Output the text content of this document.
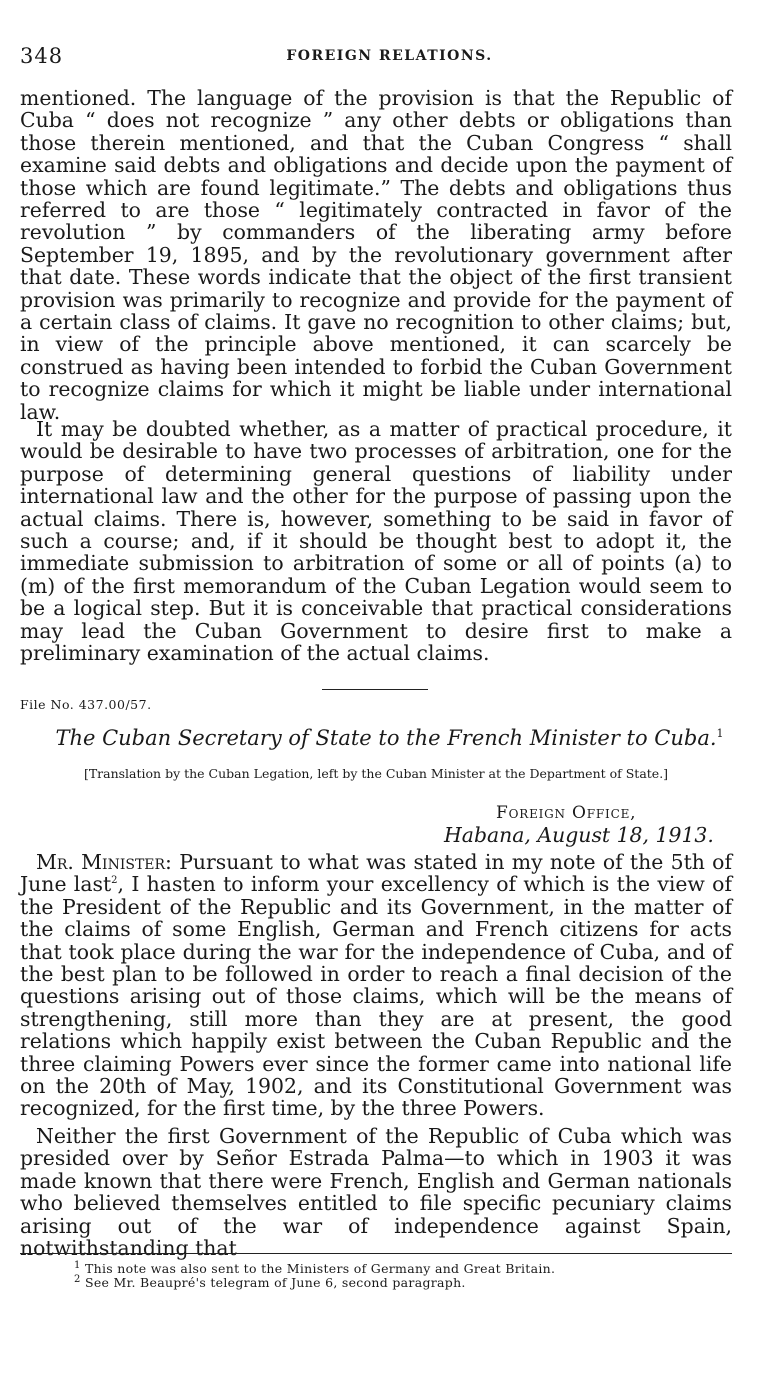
348	FOREIGN RELATIONS.

mentioned. The language of the provision is that the Republic of Cuba “ does not recognize ” any other debts or obligations than those therein mentioned, and that the Cuban Congress “ shall examine said debts and obligations and decide upon the payment of those which are found legitimate.” The debts and obligations thus referred to are those “ legitimately contracted in favor of the revolution ” by commanders of the liberating army before September 19, 1895, and by the revolutionary government after that date. These words indicate that the object of the first transient provision was primarily to recognize and provide for the payment of a certain class of claims. It gave no recognition to other claims; but, in view of the principle above mentioned, it can scarcely be construed as having been intended to forbid the Cuban Government to recognize claims for which it might be liable under international law.

It may be doubted whether, as a matter of practical procedure, it would be desirable to have two processes of arbitration, one for the purpose of determining general questions of liability under international law and the other for the purpose of passing upon the actual claims. There is, however, something to be said in favor of such a course; and, if it should be thought best to adopt it, the immediate submission to arbitration of some or all of points (a) to (m) of the first memorandum of the Cuban Legation would seem to be a logical step. But it is conceivable that practical considerations may lead the Cuban Government to desire first to make a preliminary examination of the actual claims.

File No. 437.00/57.
The Cuban Secretary of State to the French Minister to Cuba.$^1$

[Translation by the Cuban Legation, left by the Cuban Minister at the Department of State.]

Foreign Office,
Habana, August 18, 1913.

Mr. Minister: Pursuant to what was stated in my note of the 5th of June last$^2$, I hasten to inform your excellency of which is the view of the President of the Republic and its Government, in the matter of the claims of some English, German and French citizens for acts that took place during the war for the independence of Cuba, and of the best plan to be followed in order to reach a final decision of the questions arising out of those claims, which will be the means of strengthening, still more than they are at present, the good relations which happily exist between the Cuban Republic and the three claiming Powers ever since the former came into national life on the 20th of May, 1902, and its Constitutional Government was recognized, for the first time, by the three Powers.

Neither the first Government of the Republic of Cuba which was presided over by Señor Estrada Palma—to which in 1903 it was made known that there were French, English and German nationals who believed themselves entitled to file specific pecuniary claims arising out of the war of independence against Spain, notwithstanding that

$^1$ This note was also sent to the Ministers of Germany and Great Britain.
$^2$ See Mr. Beaupré's telegram of June 6, second paragraph.
